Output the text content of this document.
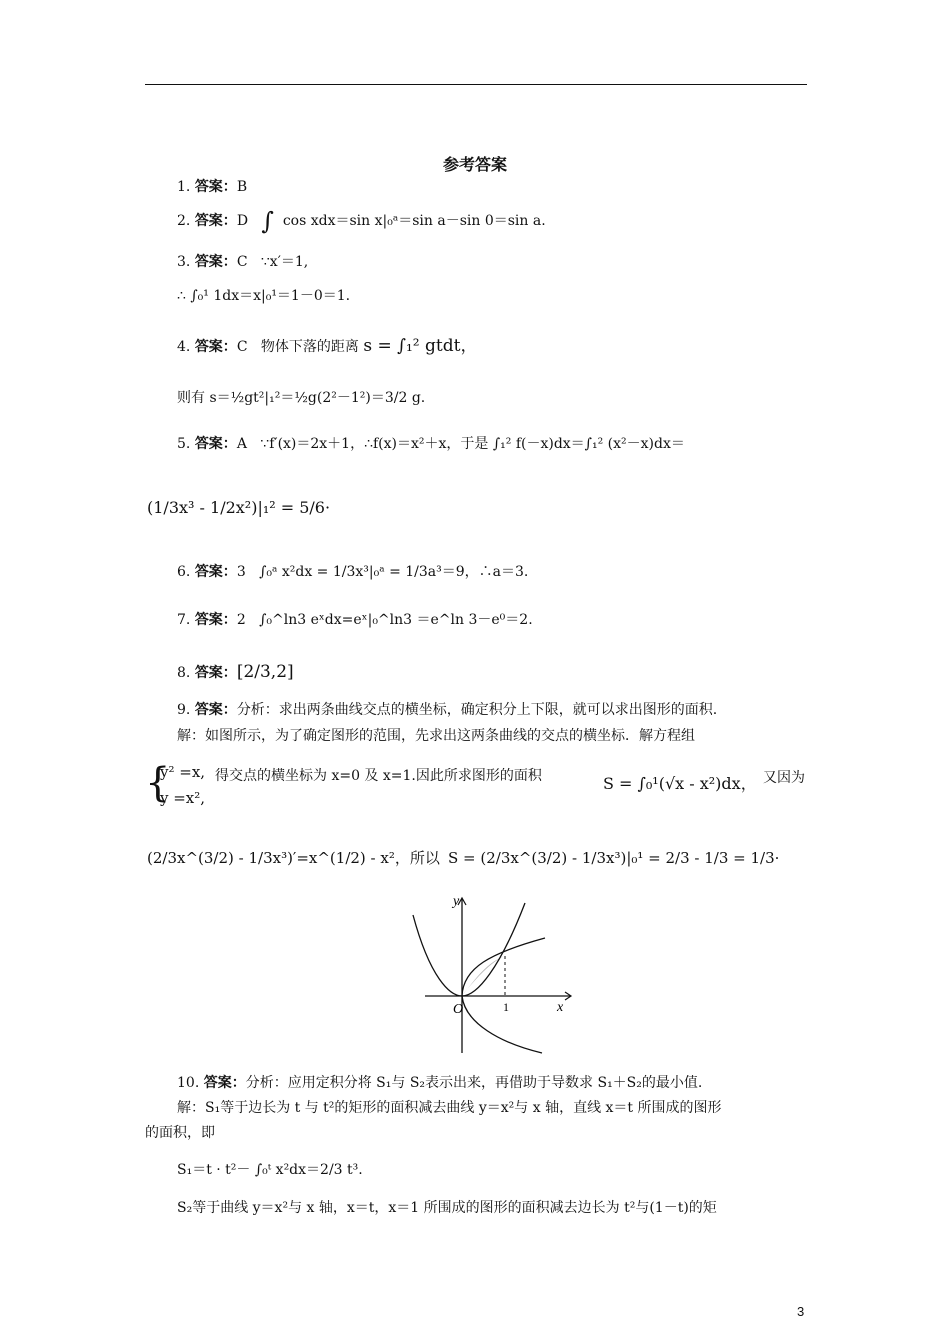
参考答案
1. 答案：B
2. 答案：D ∫ cos xdx＝sin x|₀ᵃ＝sin a－sin 0＝sin a.
3. 答案：C ∵x′＝1,
∴ ∫₀¹ 1dx＝x|₀¹＝1－0＝1.
4. 答案：C 物体下落的距离 s = ∫₁² gtdt，
则有 s＝½gt²|₁²＝½g(2²－1²)＝3/2 g.
5. 答案：A ∵f′(x)＝2x＋1，∴f(x)＝x²＋x，于是 ∫₁² f(－x)dx＝∫₁² (x²－x)dx＝
(1/3x³ - 1/2x²)|₁² = 5/6·
6. 答案：3 ∫₀ᵃ x²dx = 1/3x³|₀ᵃ = 1/3a³＝9，∴a＝3.
7. 答案：2 ∫₀^ln3 eˣdx=eˣ|₀^ln3 ＝e^ln 3－e⁰＝2.
8. 答案：[2/3,2]
9. 答案：分析：求出两条曲线交点的横坐标，确定积分上下限，就可以求出图形的面积.
解：如图所示，为了确定图形的范围，先求出这两条曲线的交点的横坐标．解方程组
{
y² =x,
y =x²,
得交点的横坐标为 x=0 及 x=1.因此所求图形的面积	S = ∫₀¹(√x - x²)dx， 又因为
(2/3x^(3/2) - 1/3x³)′=x^(1/2) - x²，所以 S = (2/3x^(3/2) - 1/3x³)|₀¹ = 2/3 - 1/3 = 1/3·
y
x
O	1
10. 答案：分析：应用定积分将 S₁与 S₂表示出来，再借助于导数求 S₁＋S₂的最小值.
解：S₁等于边长为 t 与 t²的矩形的面积减去曲线 y＝x²与 x 轴，直线 x＝t 所围成的图形
的面积，即
S₁＝t · t²－ ∫₀ᵗ x²dx＝2/3 t³.
S₂等于曲线 y＝x²与 x 轴，x＝t，x＝1 所围成的图形的面积减去边长为 t²与(1－t)的矩
3
